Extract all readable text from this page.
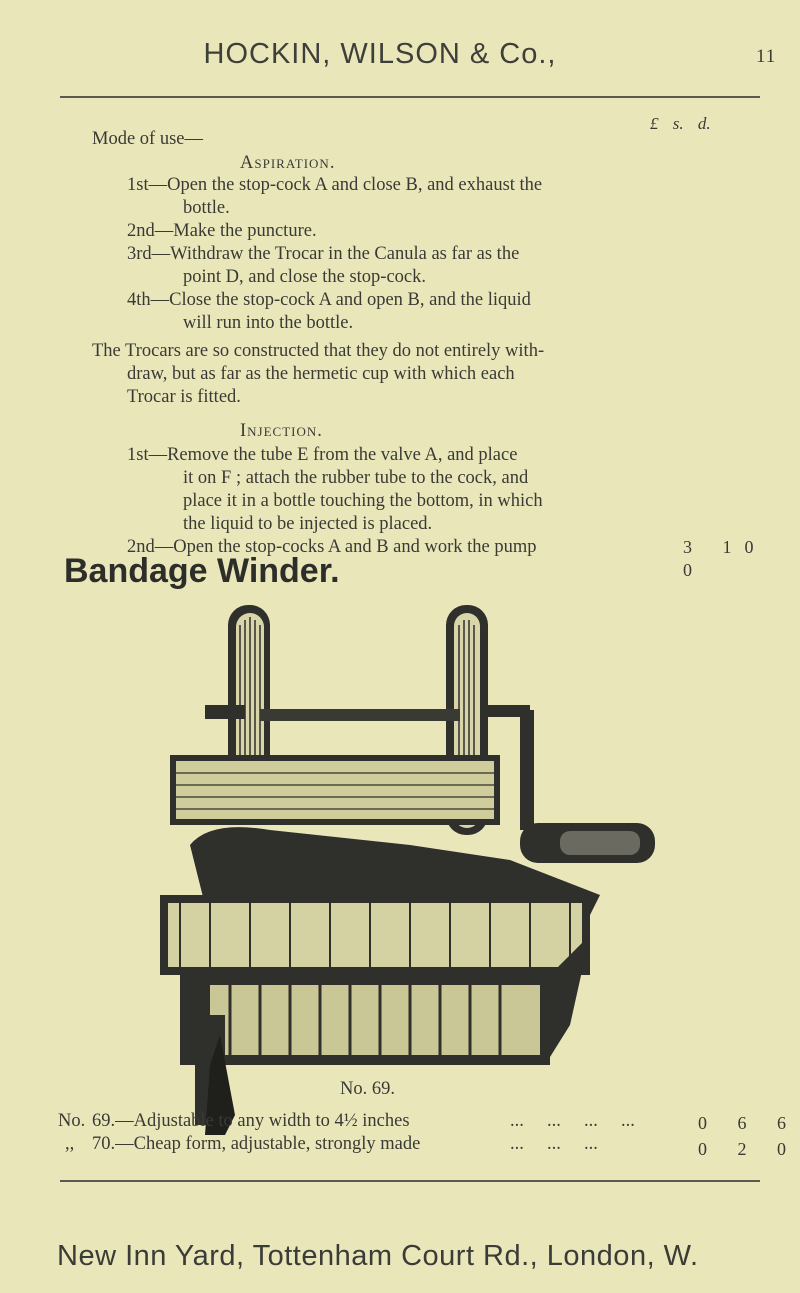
HOCKIN, WILSON & Co.,	11
£ s. d.
Mode of use—
Aspiration.
1st—Open the stop-cock A and close B, and exhaust the
bottle.
2nd—Make the puncture.
3rd—Withdraw the Trocar in the Canula as far as the
point D, and close the stop-cock.
4th—Close the stop-cock A and open B, and the liquid
will run into the bottle.
The Trocars are so constructed that they do not entirely with-
draw, but as far as the hermetic cup with which each
Trocar is fitted.
Injection.
1st—Remove the tube E from the valve A, and place
it on F ; attach the rubber tube to the cock, and
place it in a bottle touching the bottom, in which
the liquid to be injected is placed.
2nd—Open the stop-cocks A and B and work the pump	3 10 0
Bandage Winder.
No. 69.
No. 69.—Adjustable to any width to 4½ inches	...     ...     ...     ...	0 6 6
,, 70.—Cheap form, adjustable, strongly made	...     ...     ...	0 2 0
New Inn Yard, Tottenham Court Rd., London, W.
